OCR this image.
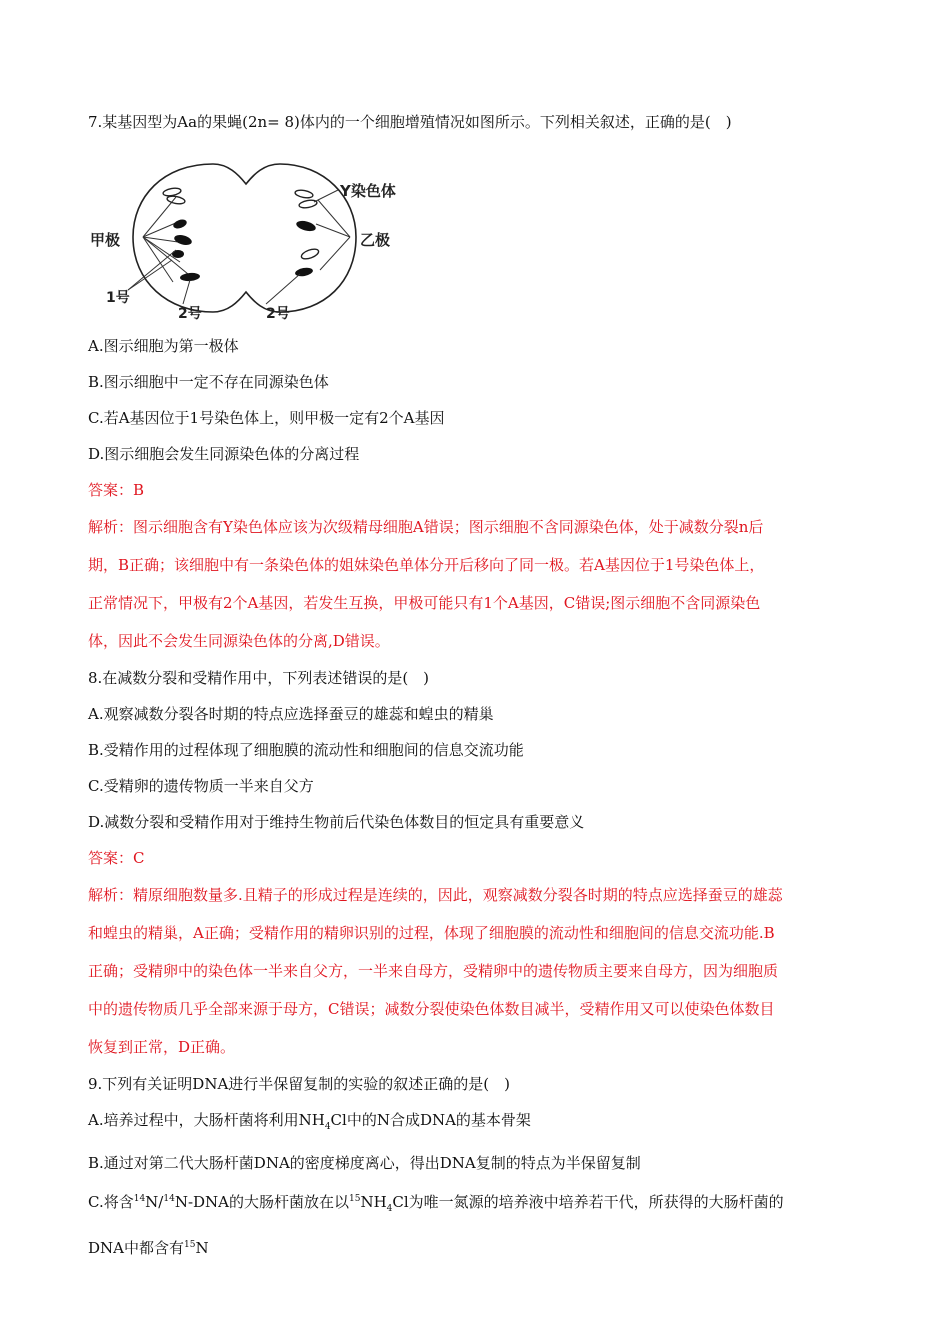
7.某基因型为Aa的果蝇(2n= 8)体内的一个细胞增殖情况如图所示。下列相关叙述，正确的是(　)
Y染色体
甲极	乙极
1号
2号	2号
A.图示细胞为第一极体
B.图示细胞中一定不存在同源染色体
C.若A基因位于1号染色体上，则甲极一定有2个A基因
D.图示细胞会发生同源染色体的分离过程
答案：B

解析：图示细胞含有Y染色体应该为次级精母细胞A错误；图示细胞不含同源染色体，处于减数分裂n后

期，B正确；该细胞中有一条染色体的姐妹染色单体分开后移向了同一极。若A基因位于1号染色体上，

正常情况下，甲极有2个A基因，若发生互换，甲极可能只有1个A基因，C错误;图示细胞不含同源染色

体，因此不会发生同源染色体的分离,D错误。

8.在减数分裂和受精作用中，下列表述错误的是(　)
A.观察减数分裂各时期的特点应选择蚕豆的雄蕊和蝗虫的精巢
B.受精作用的过程体现了细胞膜的流动性和细胞间的信息交流功能
C.受精卵的遗传物质一半来自父方
D.减数分裂和受精作用对于维持生物前后代染色体数目的恒定具有重要意义
答案：C

解析：精原细胞数量多.且精子的形成过程是连续的，因此，观察减数分裂各时期的特点应选择蚕豆的雄蕊

和蝗虫的精巢，A正确；受精作用的精卵识别的过程，体现了细胞膜的流动性和细胞间的信息交流功能.B

正确；受精卵中的染色体一半来自父方，一半来自母方，受精卵中的遗传物质主要来自母方，因为细胞质

中的遗传物质几乎全部来源于母方，C错误；减数分裂使染色体数目减半，受精作用又可以使染色体数目

恢复到正常，D正确。

9.下列有关证明DNA进行半保留复制的实验的叙述正确的是(　)
A.培养过程中，大肠杆菌将利用$NH_4Cl$中的N合成DNA的基本骨架
B.通过对第二代大肠杆菌DNA的密度梯度离心，得出DNA复制的特点为半保留复制
C.将含$^{14}$N/$^{14}$N-DNA的大肠杆菌放在以$^{15}NH_4Cl$为唯一氮源的培养液中培养若干代，所获得的大肠杆菌的
DNA中都含有$^{15}$N
